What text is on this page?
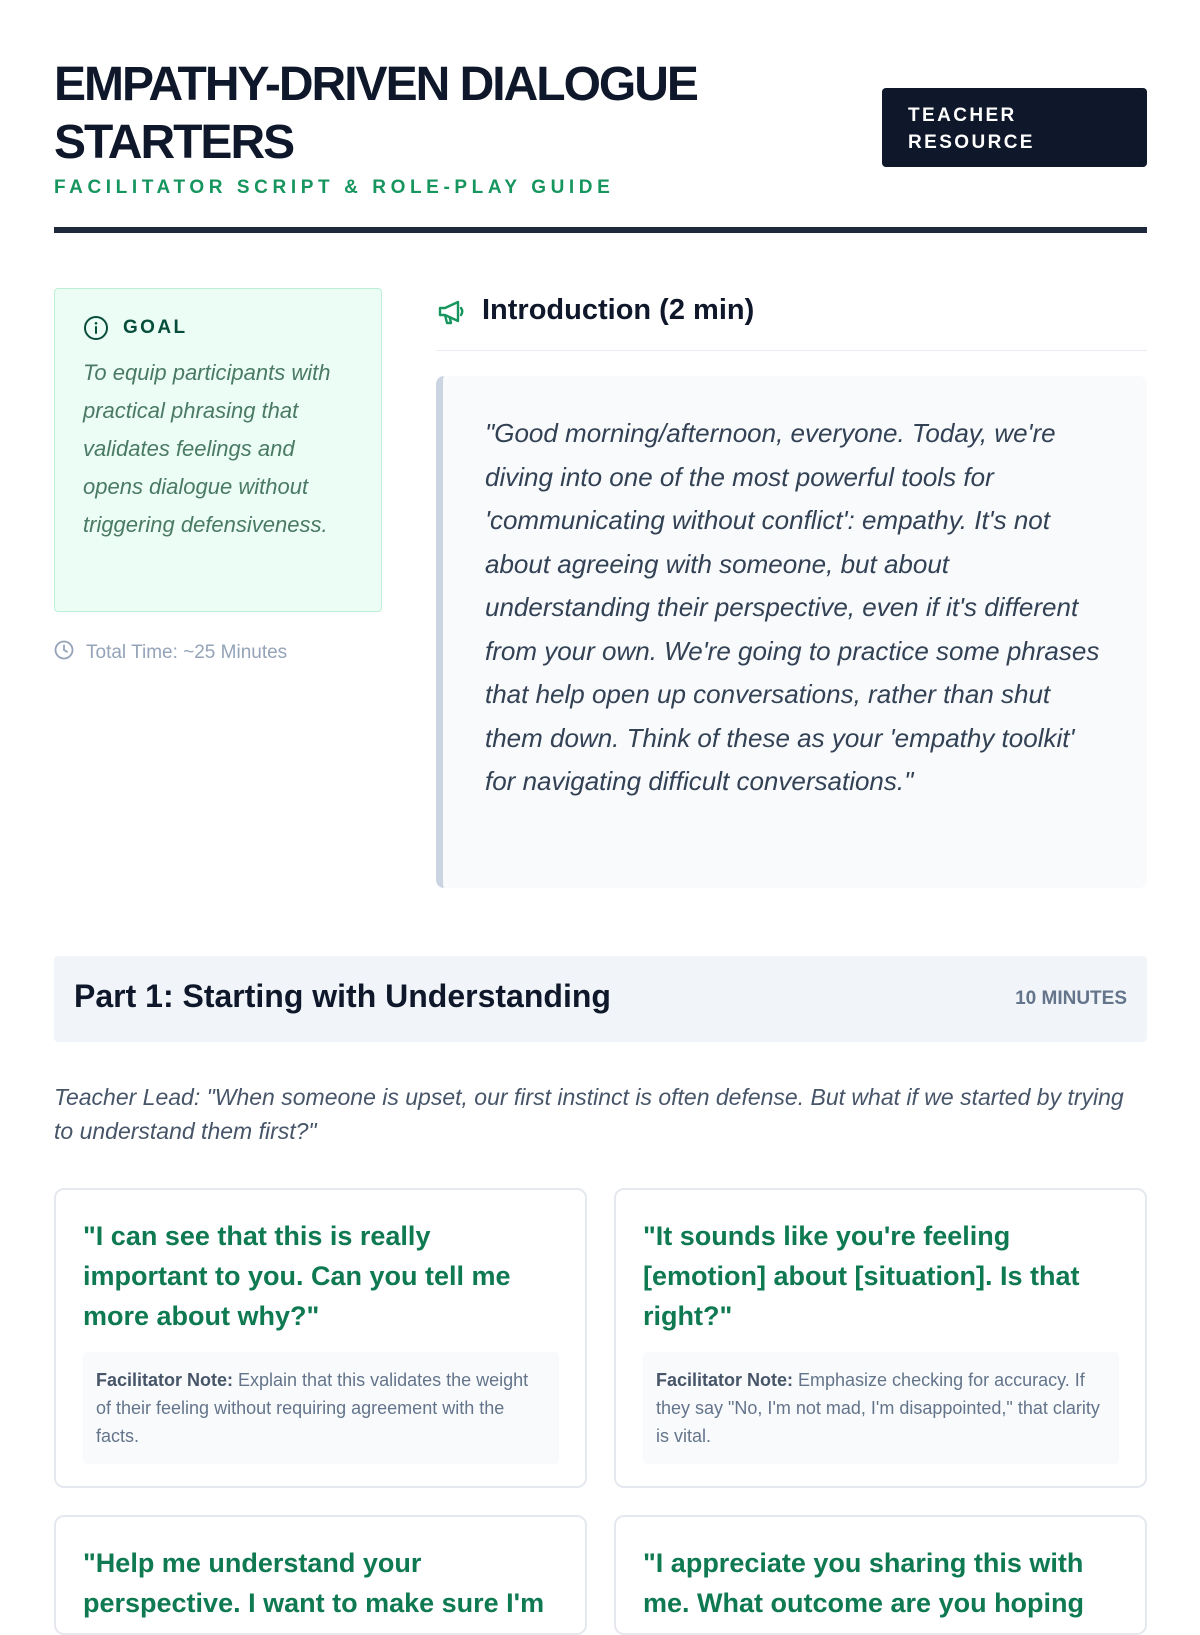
EMPATHY-DRIVEN DIALOGUE STARTERS
FACILITATOR SCRIPT & ROLE-PLAY GUIDE
TEACHER
RESOURCE
GOAL
To equip participants with practical phrasing that validates feelings and opens dialogue without triggering defensiveness.
Total Time: ~25 Minutes
Introduction (2 min)
"Good morning/afternoon, everyone. Today, we're diving into one of the most powerful tools for 'communicating without conflict': empathy. It's not about agreeing with someone, but about understanding their perspective, even if it's different from your own. We're going to practice some phrases that help open up conversations, rather than shut them down. Think of these as your 'empathy toolkit' for navigating difficult conversations."
Part 1: Starting with Understanding	10 MINUTES
Teacher Lead: "When someone is upset, our first instinct is often defense. But what if we started by trying to understand them first?"
"I can see that this is really important to you. Can you tell me more about why?"
Facilitator Note: Explain that this validates the weight of their feeling without requiring agreement with the facts.
"It sounds like you're feeling [emotion] about [situation]. Is that right?"
Facilitator Note: Emphasize checking for accuracy. If they say "No, I'm not mad, I'm disappointed," that clarity is vital.
"Help me understand your perspective. I want to make sure I'm
"I appreciate you sharing this with me. What outcome are you hoping
